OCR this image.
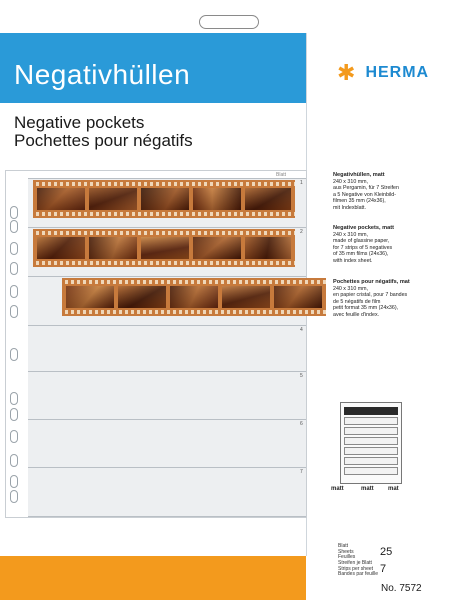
Negativhüllen	✱ HERMA
Negative pockets
Pochettes pour négatifs
Blatt
1
2
4
5
6
7
Negativhüllen, matt
240 x 310 mm,
aus Pergamin, für 7 Streifen
a 5 Negative von Kleinbild-
filmen 35 mm (24x36),
mit Indexblatt.
Negative pockets, matt
240 x 310 mm,
made of glassine paper,
for 7 strips of 5 negatives
of 35 mm films (24x36),
with index sheet.
Pochettes pour négatifs, mat
240 x 310 mm,
en papier cristal, pour 7 bandes
de 5 négatifs de film
petit format 35 mm (24x36),
avec feuille d'index.
matt	matt mat
Blatt
Sheets
Feuilles 25
Streifen je Blatt
Strips per sheet
Bandes par feuille 7
No. 7572
